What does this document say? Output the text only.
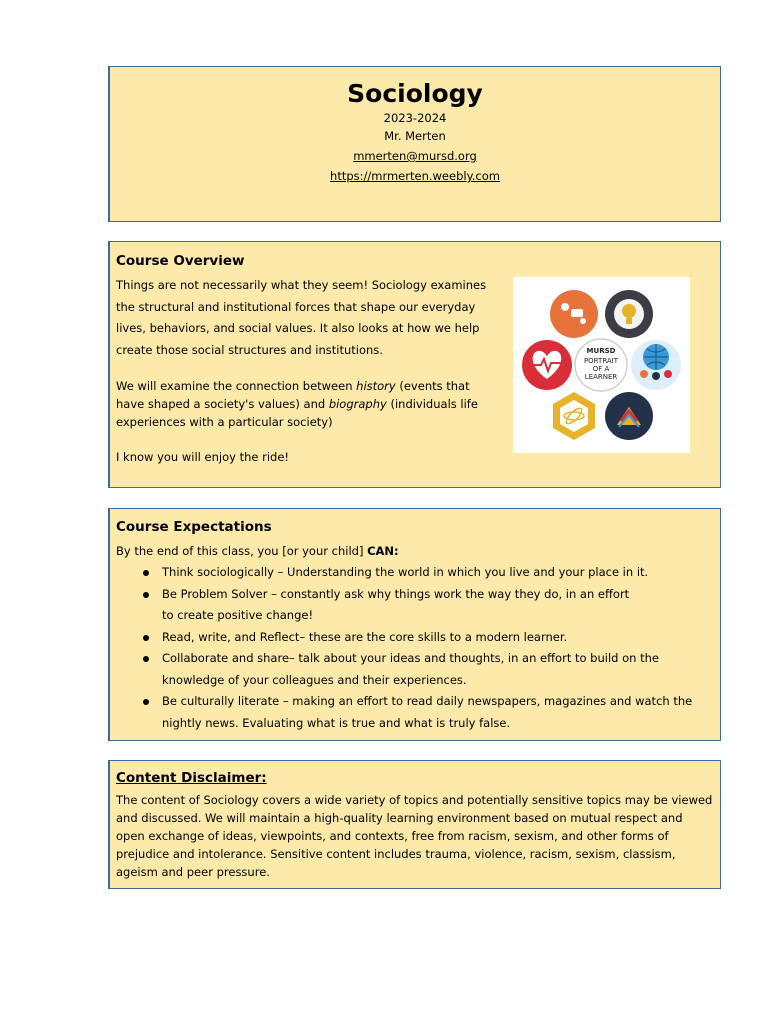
Sociology
2023-2024
Mr. Merten
mmerten@mursd.org
https://mrmerten.weebly.com
Course Overview
Things are not necessarily what they seem! Sociology examines the structural and institutional forces that shape our everyday lives, behaviors, and social values. It also looks at how we help create those social structures and institutions.
We will examine the connection between history (events that have shaped a society's values) and biography (individuals life experiences with a particular society)
I know you will enjoy the ride!
MURSD
PORTRAIT
OF A
LEARNER
Course Expectations
By the end of this class, you [or your child] CAN:
Think sociologically – Understanding the world in which you live and your place in it.
Be Problem Solver – constantly ask why things work the way they do, in an effort
to create positive change!
Read, write, and Reflect– these are the core skills to a modern learner.
Collaborate and share– talk about your ideas and thoughts, in an effort to build on the knowledge of your colleagues and their experiences.
Be culturally literate – making an effort to read daily newspapers, magazines and watch the nightly news. Evaluating what is true and what is truly false.
Content Disclaimer:
The content of Sociology covers a wide variety of topics and potentially sensitive topics may be viewed and discussed. We will maintain a high-quality learning environment based on mutual respect and open exchange of ideas, viewpoints, and contexts, free from racism, sexism, and other forms of prejudice and intolerance. Sensitive content includes trauma, violence, racism, sexism, classism, ageism and peer pressure.
